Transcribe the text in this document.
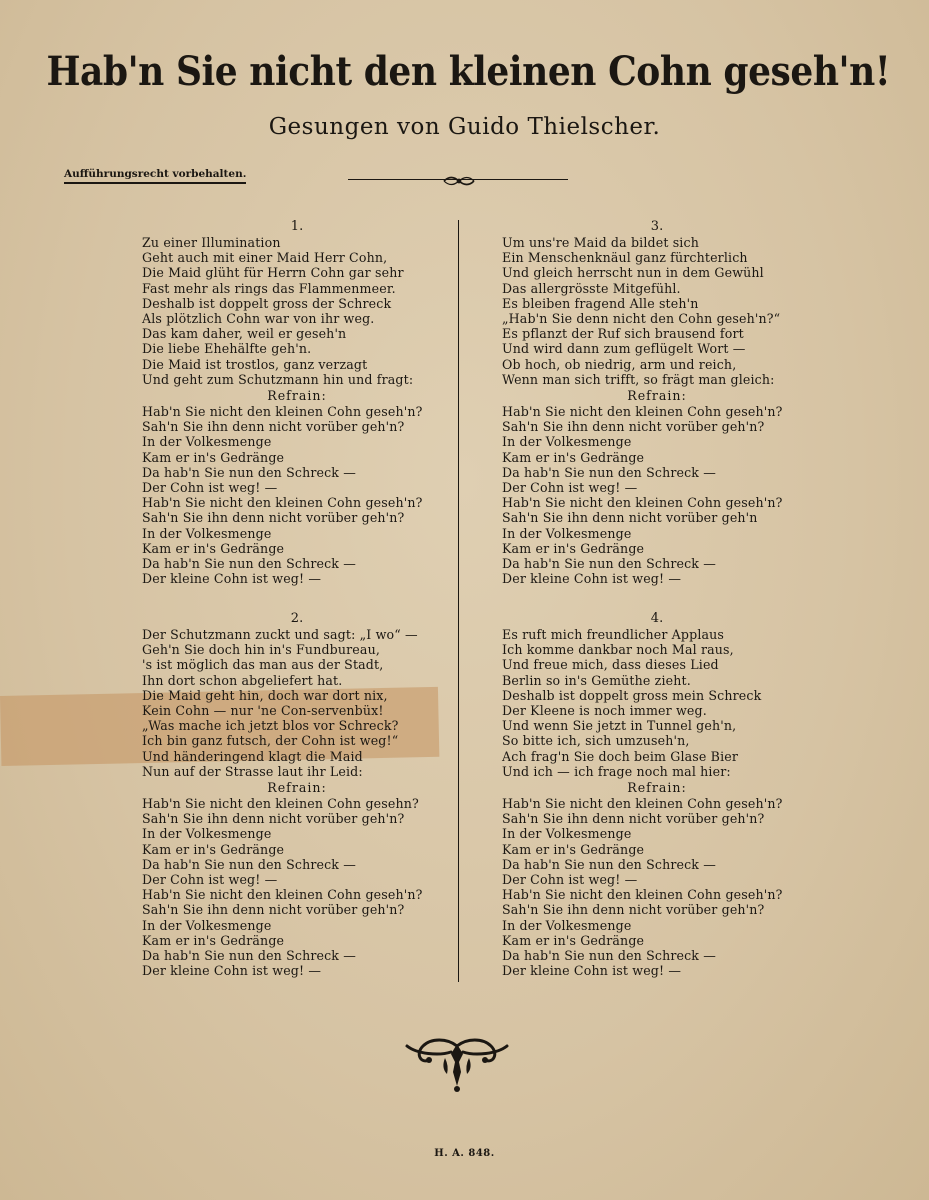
Hab'n Sie nicht den kleinen Cohn geseh'n!
Gesungen von Guido Thielscher.
Aufführungsrecht vorbehalten.
1.
Zu einer Illumination
Geht auch mit einer Maid Herr Cohn,
Die Maid glüht für Herrn Cohn gar sehr
Fast mehr als rings das Flammenmeer.
Deshalb ist doppelt gross der Schreck
Als plötzlich Cohn war von ihr weg.
Das kam daher, weil er geseh'n
Die liebe Ehehälfte geh'n.
Die Maid ist trostlos, ganz verzagt
Und geht zum Schutzmann hin und fragt:
Refrain:
Hab'n Sie nicht den kleinen Cohn geseh'n?
Sah'n Sie ihn denn nicht vorüber geh'n?
In der Volkesmenge
Kam er in's Gedränge
Da hab'n Sie nun den Schreck —
Der Cohn ist weg! —
Hab'n Sie nicht den kleinen Cohn geseh'n?
Sah'n Sie ihn denn nicht vorüber geh'n?
In der Volkesmenge
Kam er in's Gedränge
Da hab'n Sie nun den Schreck —
Der kleine Cohn ist weg! —
2.
Der Schutzmann zuckt und sagt: „I wo“ —
Geh'n Sie doch hin in's Fundbureau,
's ist möglich das man aus der Stadt,
Ihn dort schon abgeliefert hat.
Die Maid geht hin, doch war dort nix,
Kein Cohn — nur 'ne Con-servenbüx!
„Was mache ich jetzt blos vor Schreck?
Ich bin ganz futsch, der Cohn ist weg!“
Und händeringend klagt die Maid
Nun auf der Strasse laut ihr Leid:
Refrain:
Hab'n Sie nicht den kleinen Cohn gesehn?
Sah'n Sie ihn denn nicht vorüber geh'n?
In der Volkesmenge
Kam er in's Gedränge
Da hab'n Sie nun den Schreck —
Der Cohn ist weg! —
Hab'n Sie nicht den kleinen Cohn geseh'n?
Sah'n Sie ihn denn nicht vorüber geh'n?
In der Volkesmenge
Kam er in's Gedränge
Da hab'n Sie nun den Schreck —
Der kleine Cohn ist weg! —
3.
Um uns're Maid da bildet sich
Ein Menschenknäul ganz fürchterlich
Und gleich herrscht nun in dem Gewühl
Das allergrösste Mitgefühl.
Es bleiben fragend Alle steh'n
„Hab'n Sie denn nicht den Cohn geseh'n?“
Es pflanzt der Ruf sich brausend fort
Und wird dann zum geflügelt Wort —
Ob hoch, ob niedrig, arm und reich,
Wenn man sich trifft, so frägt man gleich:
Refrain:
Hab'n Sie nicht den kleinen Cohn geseh'n?
Sah'n Sie ihn denn nicht vorüber geh'n?
In der Volkesmenge
Kam er in's Gedränge
Da hab'n Sie nun den Schreck —
Der Cohn ist weg! —
Hab'n Sie nicht den kleinen Cohn geseh'n?
Sah'n Sie ihn denn nicht vorüber geh'n
In der Volkesmenge
Kam er in's Gedränge
Da hab'n Sie nun den Schreck —
Der kleine Cohn ist weg! —
4.
Es ruft mich freundlicher Applaus
Ich komme dankbar noch Mal raus,
Und freue mich, dass dieses Lied
Berlin so in's Gemüthe zieht.
Deshalb ist doppelt gross mein Schreck
Der Kleene is noch immer weg.
Und wenn Sie jetzt in Tunnel geh'n,
So bitte ich, sich umzuseh'n,
Ach frag'n Sie doch beim Glase Bier
Und ich — ich frage noch mal hier:
Refrain:
Hab'n Sie nicht den kleinen Cohn geseh'n?
Sah'n Sie ihn denn nicht vorüber geh'n?
In der Volkesmenge
Kam er in's Gedränge
Da hab'n Sie nun den Schreck —
Der Cohn ist weg! —
Hab'n Sie nicht den kleinen Cohn geseh'n?
Sah'n Sie ihn denn nicht vorüber geh'n?
In der Volkesmenge
Kam er in's Gedränge
Da hab'n Sie nun den Schreck —
Der kleine Cohn ist weg! —
H. A. 848.
